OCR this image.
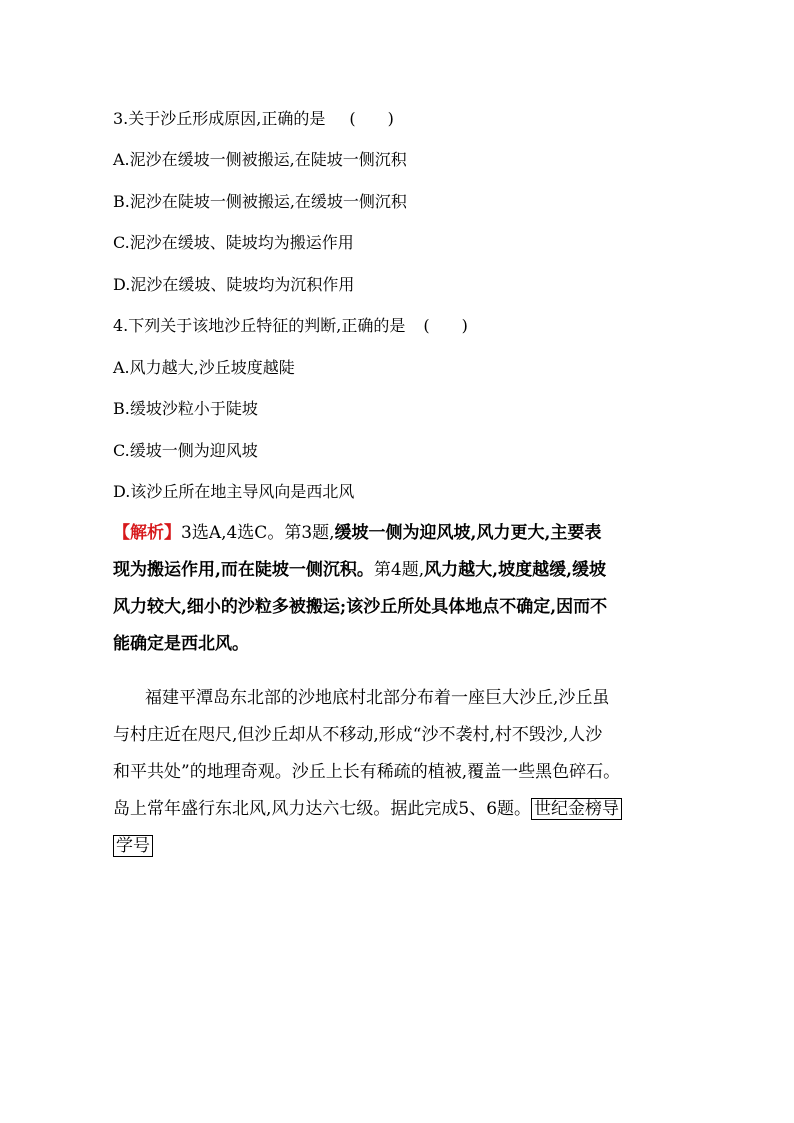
3.关于沙丘形成原因,正确的是 (　　)
A.泥沙在缓坡一侧被搬运,在陡坡一侧沉积
B.泥沙在陡坡一侧被搬运,在缓坡一侧沉积
C.泥沙在缓坡、陡坡均为搬运作用
D.泥沙在缓坡、陡坡均为沉积作用
4.下列关于该地沙丘特征的判断,正确的是 (　　)
A.风力越大,沙丘坡度越陡
B.缓坡沙粒小于陡坡
C.缓坡一侧为迎风坡
D.该沙丘所在地主导风向是西北风
【解析】3选A,4选C。第3题,缓坡一侧为迎风坡,风力更大,主要表
现为搬运作用,而在陡坡一侧沉积。第4题,风力越大,坡度越缓,缓坡
风力较大,细小的沙粒多被搬运;该沙丘所处具体地点不确定,因而不
能确定是西北风。
福建平潭岛东北部的沙地底村北部分布着一座巨大沙丘,沙丘虽
与村庄近在咫尺,但沙丘却从不移动,形成“沙不袭村,村不毁沙,人沙
和平共处”的地理奇观。沙丘上长有稀疏的植被,覆盖一些黑色碎石。
岛上常年盛行东北风,风力达六七级。据此完成5、6题。 世纪金榜导
学号
